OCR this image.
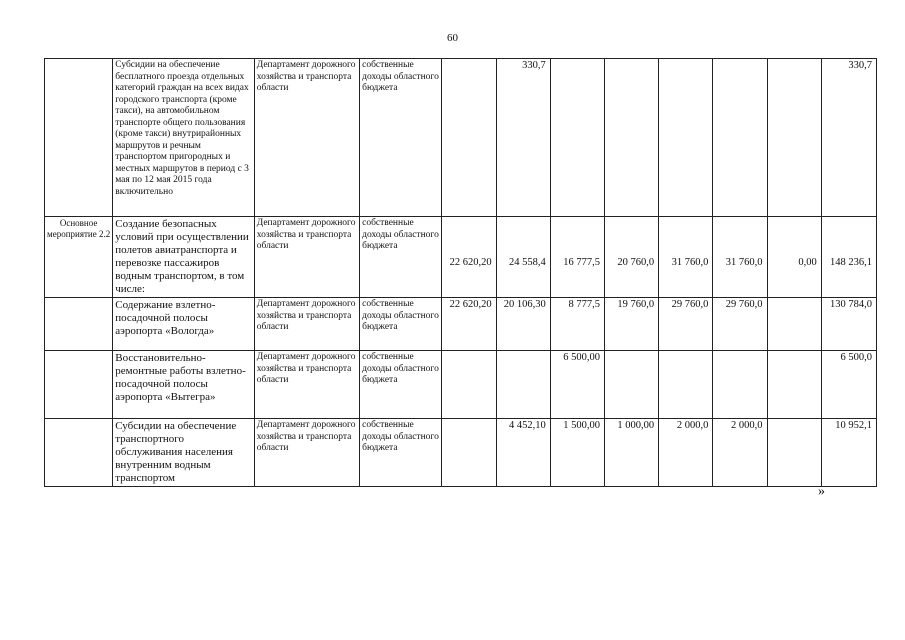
60
	Субсидии на обеспечение бесплатного проезда отдельных категорий граждан на всех видах городского транспорта (кроме такси), на автомобильном транспорте общего пользования (кроме такси) внутрирайонных маршрутов и речным транспортом пригородных и местных маршрутов в период с 3 мая по 12 мая 2015 года включительно	Департамент дорожного хозяйства и транспорта области	собственные доходы областного бюджета		330,7						330,7
Основное мероприятие 2.2	Создание безопасных условий при осуществлении полетов авиатранспорта и перевозке пассажиров водным транспортом, в том числе:	Департамент дорожного хозяйства и транспорта области	собственные доходы областного бюджета	22 620,20	24 558,4	16 777,5	20 760,0	31 760,0	31 760,0	0,00	148 236,1
	Содержание взлетно-посадочной полосы аэропорта «Вологда»	Департамент дорожного хозяйства и транспорта области	собственные доходы областного бюджета	22 620,20	20 106,30	8 777,5	19 760,0	29 760,0	29 760,0		130 784,0
	Восстановительно-ремонтные работы взлетно-посадочной полосы аэропорта «Вытегра»	Департамент дорожного хозяйства и транспорта области	собственные доходы областного бюджета			6 500,00					6 500,0
	Субсидии на обеспечение транспортного обслуживания населения внутренним водным транспортом	Департамент дорожного хозяйства и транспорта области	собственные доходы областного бюджета		4 452,10	1 500,00	1 000,00	2 000,0	2 000,0		10 952,1
»
